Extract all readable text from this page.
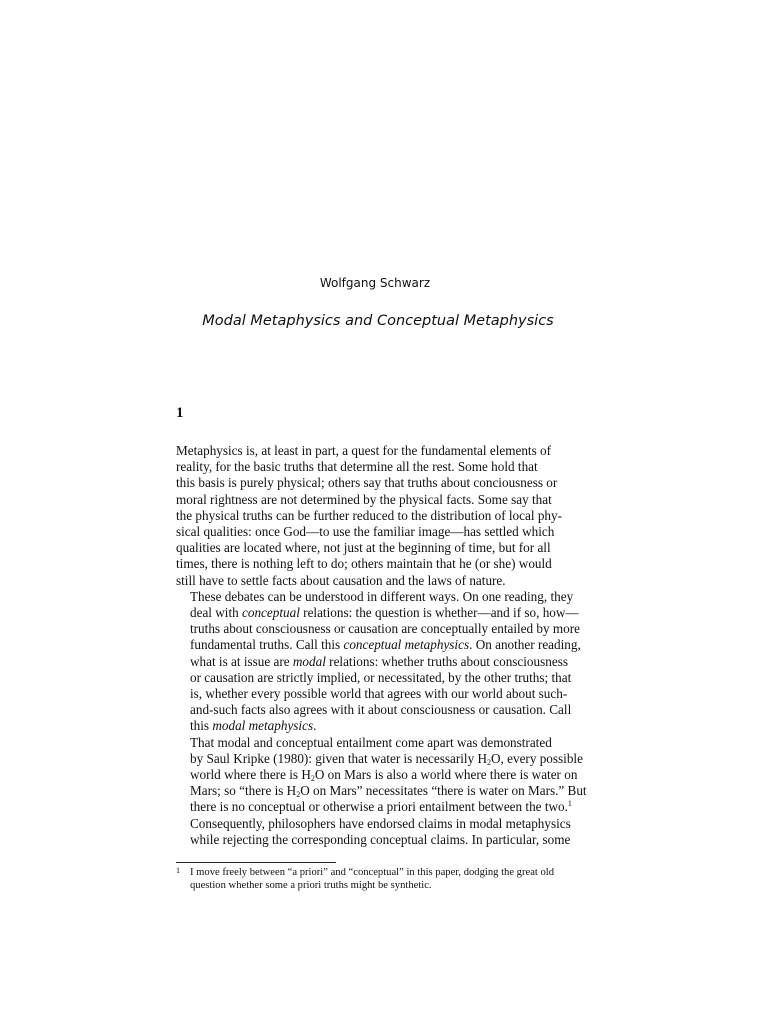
Wolfgang Schwarz
Modal Metaphysics and Conceptual Metaphysics
1

Metaphysics is, at least in part, a quest for the fundamental elements of
reality, for the basic truths that determine all the rest. Some hold that
this basis is purely physical; others say that truths about conciousness or
moral rightness are not determined by the physical facts. Some say that
the physical truths can be further reduced to the distribution of local phy-
sical qualities: once God—to use the familiar image—has settled which
qualities are located where, not just at the beginning of time, but for all
times, there is nothing left to do; others maintain that he (or she) would
still have to settle facts about causation and the laws of nature.

These debates can be understood in different ways. On one reading, they
deal with conceptual relations: the question is whether—and if so, how—
truths about consciousness or causation are conceptually entailed by more
fundamental truths. Call this conceptual metaphysics. On another reading,
what is at issue are modal relations: whether truths about consciousness
or causation are strictly implied, or necessitated, by the other truths; that
is, whether every possible world that agrees with our world about such-
and-such facts also agrees with it about consciousness or causation. Call
this modal metaphysics.

That modal and conceptual entailment come apart was demonstrated
by Saul Kripke (1980): given that water is necessarily $H_2O$, every possible
world where there is $H_2O$ on Mars is also a world where there is water on
Mars; so “there is $H_2O$ on Mars” necessitates “there is water on Mars.” But
there is no conceptual or otherwise a priori entailment between the two.$^1$

Consequently, philosophers have endorsed claims in modal metaphysics
while rejecting the corresponding conceptual claims. In particular, some

1 I move freely between “a priori” and “conceptual” in this paper, dodging the great old question whether some a priori truths might be synthetic.
